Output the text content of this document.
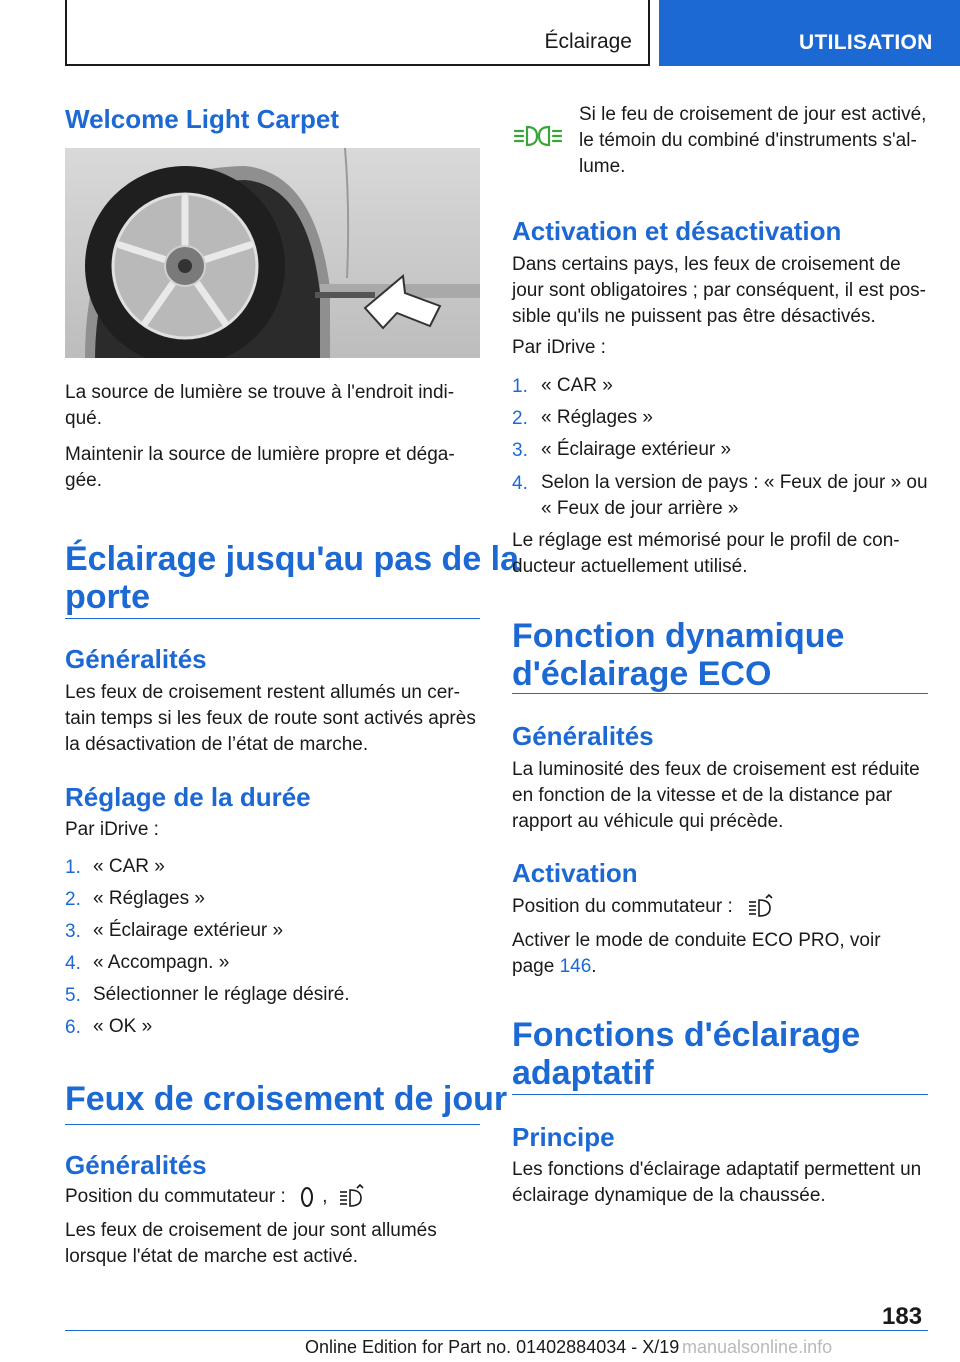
Éclairage	UTILISATION
Welcome Light Carpet
La source de lumière se trouve à l'endroit indi-
qué.
Maintenir la source de lumière propre et déga-
gée.
Éclairage jusqu'au pas de la
porte
Généralités
Les feux de croisement restent allumés un cer-
tain temps si les feux de route sont activés après
la désactivation de l’état de marche.
Réglage de la durée
Par iDrive :
1. « CAR »
2. « Réglages »
3. « Éclairage extérieur »
4. « Accompagn. »
5. Sélectionner le réglage désiré.
6. « OK »
Feux de croisement de jour
Généralités
Position du commutateur : ,
Les feux de croisement de jour sont allumés
lorsque l'état de marche est activé.
Si le feu de croisement de jour est activé,
le témoin du combiné d'instruments s'al-
lume.
Activation et désactivation
Dans certains pays, les feux de croisement de
jour sont obligatoires ; par conséquent, il est pos-
sible qu'ils ne puissent pas être désactivés.
Par iDrive :
1. « CAR »
2. « Réglages »
3. « Éclairage extérieur »
4. Selon la version de pays : « Feux de jour » ou
« Feux de jour arrière »
Le réglage est mémorisé pour le profil de con-
ducteur actuellement utilisé.
Fonction dynamique
d'éclairage ECO
Généralités
La luminosité des feux de croisement est réduite
en fonction de la vitesse et de la distance par
rapport au véhicule qui précède.
Activation
Position du commutateur :
Activer le mode de conduite ECO PRO, voir
page 146.
Fonctions d'éclairage
adaptatif
Principe
Les fonctions d'éclairage adaptatif permettent un
éclairage dynamique de la chaussée.
183
Online Edition for Part no. 01402884034 - X/19 manualsonline.info
